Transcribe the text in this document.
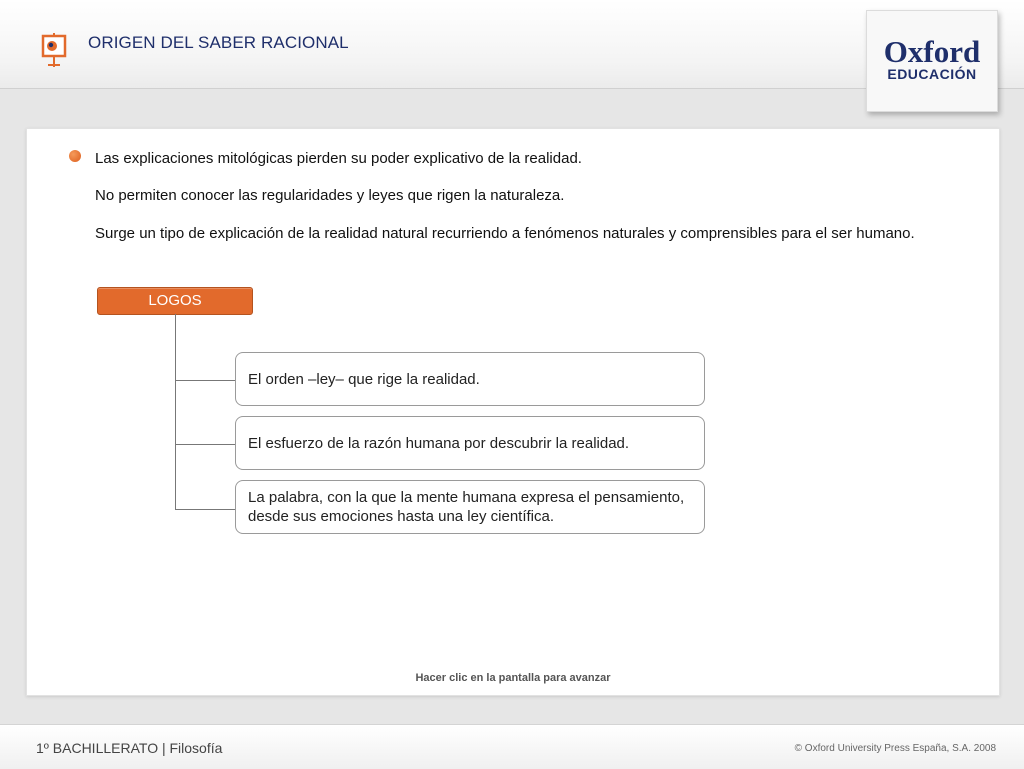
ORIGEN DEL SABER RACIONAL	Oxford
EDUCACIÓN
Las explicaciones mitológicas pierden su poder explicativo de la realidad.
No permiten conocer las regularidades y leyes que rigen la naturaleza.
Surge un tipo de explicación de la realidad natural recurriendo a fenómenos naturales y comprensibles para el ser humano.
LOGOS
El orden –ley– que rige la realidad.
El esfuerzo de la razón humana por descubrir la realidad.
La palabra, con la que la mente humana expresa el pensamiento, desde sus emociones hasta una ley científica.
Hacer clic en la pantalla para avanzar
1º BACHILLERATO | Filosofía	© Oxford University Press España, S.A. 2008
